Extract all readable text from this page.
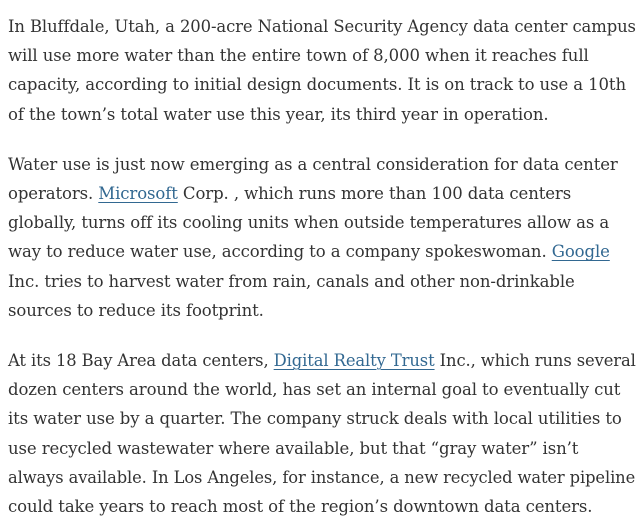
In Bluffdale, Utah, a 200-acre National Security Agency data center campus
will use more water than the entire town of 8,000 when it reaches full
capacity, according to initial design documents. It is on track to use a 10th
of the town’s total water use this year, its third year in operation.

Water use is just now emerging as a central consideration for data center
operators. Microsoft Corp. , which runs more than 100 data centers
globally, turns off its cooling units when outside temperatures allow as a
way to reduce water use, according to a company spokeswoman. Google
Inc. tries to harvest water from rain, canals and other non-drinkable
sources to reduce its footprint.

At its 18 Bay Area data centers, Digital Realty Trust Inc., which runs several
dozen centers around the world, has set an internal goal to eventually cut
its water use by a quarter. The company struck deals with local utilities to
use recycled wastewater where available, but that “gray water” isn’t
always available. In Los Angeles, for instance, a new recycled water pipeline
could take years to reach most of the region’s downtown data centers.
